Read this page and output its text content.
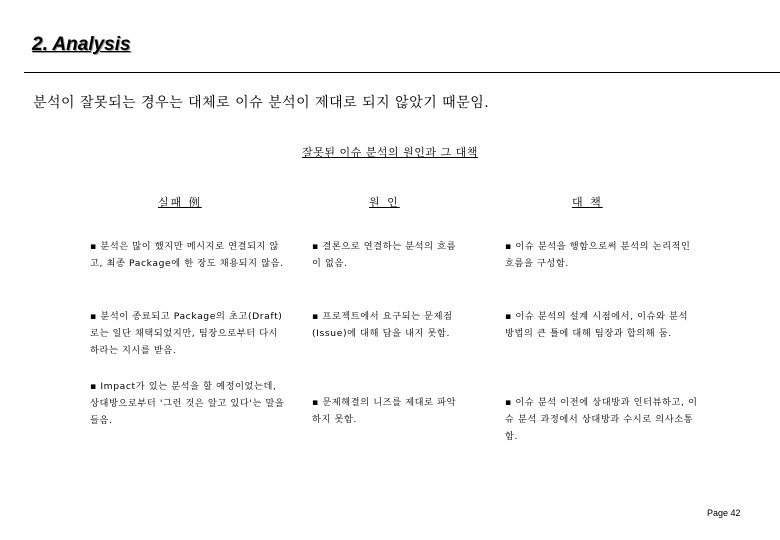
2. Analysis
분석이 잘못되는 경우는 대체로 이슈 분석이 제대로 되지 않았기 때문임.
잘못된 이슈 분석의 원인과 그 대책
실패 例	원 인	대 책
▪ 분석은 많이 했지만 메시지로 연결되지 않고, 최종 Package에 한 장도 채용되지 않음.
▪ 결론으로 연결하는 분석의 흐름이 없음.
▪ 이슈 분석을 행함으로써 분석의 논리적인 흐름을 구성함.
▪ 분석이 종료되고 Package의 초고(Draft)로는 일단 채택되었지만, 팀장으로부터 다시 하라는 지시를 받음.
▪ 프로젝트에서 요구되는 문제점(Issue)에 대해 답을 내지 못함.
▪ 이슈 분석의 설계 시점에서, 이슈와 분석 방법의 큰 틀에 대해 팀장과 합의해 둠.
▪ Impact가 있는 분석을 할 예정이었는데, 상대방으로부터 '그런 것은 알고 있다'는 말을 들음.
▪ 문제해결의 니즈를 제대로 파악하지 못함.
▪ 이슈 분석 이전에 상대방과 인터뷰하고, 이슈 분석 과정에서 상대방과 수시로 의사소통함.
Page 42
